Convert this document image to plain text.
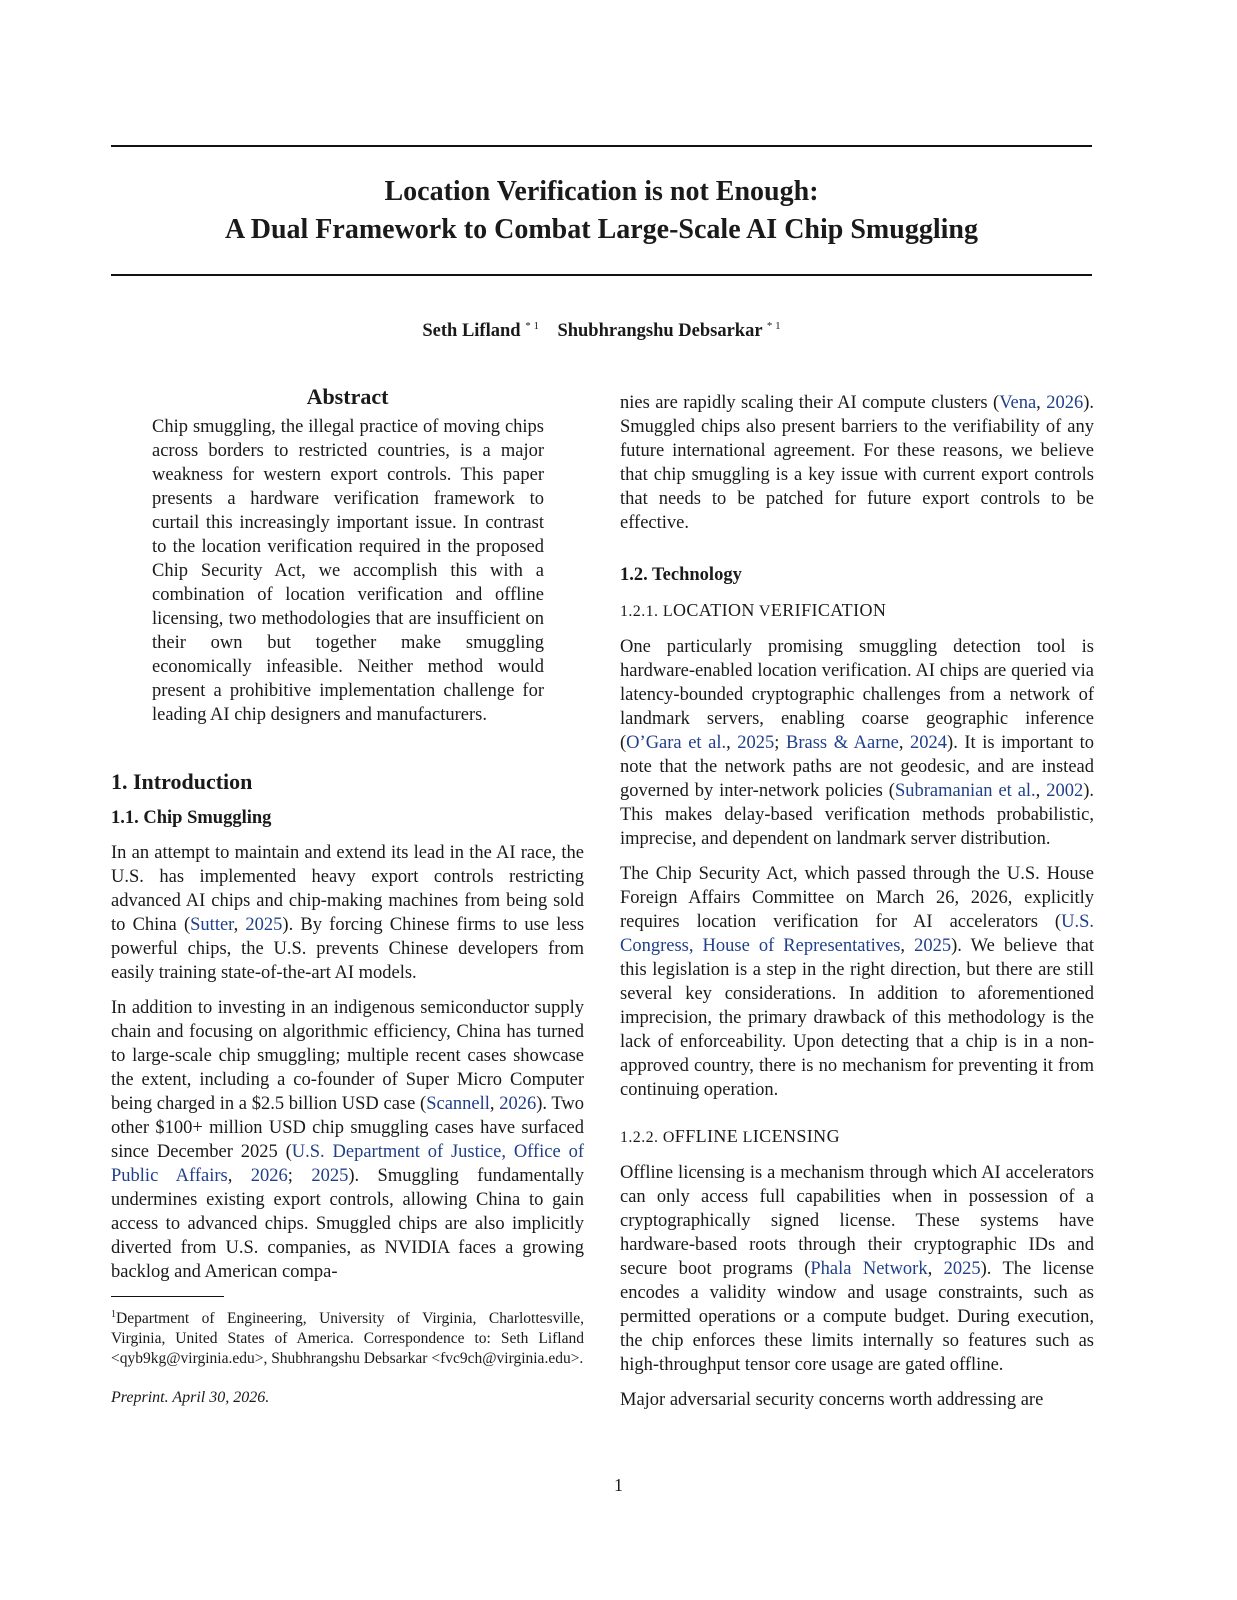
Location Verification is not Enough:
A Dual Framework to Combat Large-Scale AI Chip Smuggling
Seth Lifland $^{* 1}$ Shubhrangshu Debsarkar $^{* 1}$
Abstract

Chip smuggling, the illegal practice of moving chips across borders to restricted countries, is a major weakness for western export controls. This paper presents a hardware verification framework to curtail this increasingly important issue. In contrast to the location verification required in the proposed Chip Security Act, we accomplish this with a combination of location verification and offline licensing, two methodologies that are insufficient on their own but together make smuggling economically infeasible. Neither method would present a prohibitive implementation challenge for leading AI chip designers and manufacturers.

1. Introduction
1.1. Chip Smuggling

In an attempt to maintain and extend its lead in the AI race, the U.S. has implemented heavy export controls restricting advanced AI chips and chip-making machines from being sold to China (Sutter, 2025). By forcing Chinese firms to use less powerful chips, the U.S. prevents Chinese developers from easily training state-of-the-art AI models.

In addition to investing in an indigenous semiconductor supply chain and focusing on algorithmic efficiency, China has turned to large-scale chip smuggling; multiple recent cases showcase the extent, including a co-founder of Super Micro Computer being charged in a $2.5 billion USD case (Scannell, 2026). Two other $100+ million USD chip smuggling cases have surfaced since December 2025 (U.S. Department of Justice, Office of Public Affairs, 2026; 2025). Smuggling fundamentally undermines existing export controls, allowing China to gain access to advanced chips. Smuggled chips are also implicitly diverted from U.S. companies, as NVIDIA faces a growing backlog and American compa-

$^1$Department of Engineering, University of Virginia, Charlottesville, Virginia, United States of America. Correspondence to: Seth Lifland <qyb9kg@virginia.edu>, Shubhrangshu Debsarkar <fvc9ch@virginia.edu>.
Preprint. April 30, 2026.

nies are rapidly scaling their AI compute clusters (Vena, 2026). Smuggled chips also present barriers to the verifiability of any future international agreement. For these reasons, we believe that chip smuggling is a key issue with current export controls that needs to be patched for future export controls to be effective.

1.2. Technology
1.2.1. LOCATION VERIFICATION

One particularly promising smuggling detection tool is hardware-enabled location verification. AI chips are queried via latency-bounded cryptographic challenges from a network of landmark servers, enabling coarse geographic inference (O’Gara et al., 2025; Brass & Aarne, 2024). It is important to note that the network paths are not geodesic, and are instead governed by inter-network policies (Subramanian et al., 2002). This makes delay-based verification methods probabilistic, imprecise, and dependent on landmark server distribution.

The Chip Security Act, which passed through the U.S. House Foreign Affairs Committee on March 26, 2026, explicitly requires location verification for AI accelerators (U.S. Congress, House of Representatives, 2025). We believe that this legislation is a step in the right direction, but there are still several key considerations. In addition to aforementioned imprecision, the primary drawback of this methodology is the lack of enforceability. Upon detecting that a chip is in a non-approved country, there is no mechanism for preventing it from continuing operation.

1.2.2. OFFLINE LICENSING

Offline licensing is a mechanism through which AI accelerators can only access full capabilities when in possession of a cryptographically signed license. These systems have hardware-based roots through their cryptographic IDs and secure boot programs (Phala Network, 2025). The license encodes a validity window and usage constraints, such as permitted operations or a compute budget. During execution, the chip enforces these limits internally so features such as high-throughput tensor core usage are gated offline.

Major adversarial security concerns worth addressing are

1
